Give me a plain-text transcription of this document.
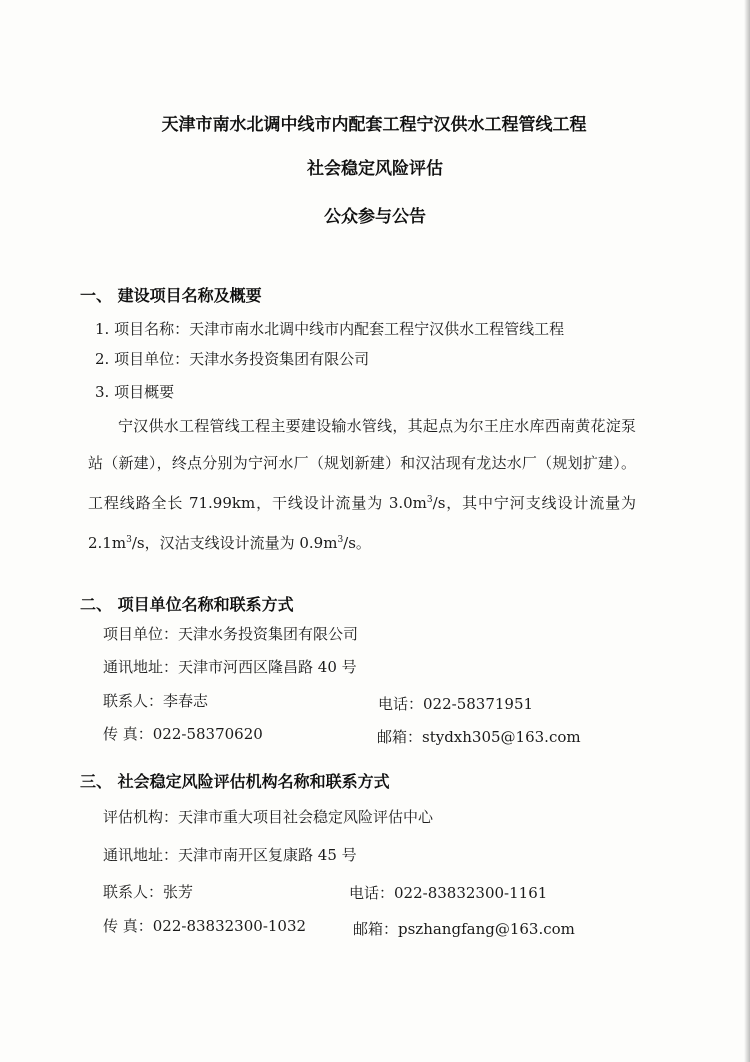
天津市南水北调中线市内配套工程宁汉供水工程管线工程
社会稳定风险评估
公众参与公告
一、 建设项目名称及概要
1. 项目名称：天津市南水北调中线市内配套工程宁汉供水工程管线工程
2. 项目单位：天津水务投资集团有限公司
3. 项目概要
宁汉供水工程管线工程主要建设输水管线，其起点为尔王庄水库西南黄花淀泵站（新建），终点分别为宁河水厂（规划新建）和汉沽现有龙达水厂（规划扩建）。工程线路全长 71.99km，干线设计流量为 $3.0m^3/s$，其中宁河支线设计流量为 $2.1m^3/s$，汉沽支线设计流量为 $0.9m^3/s$。
二、 项目单位名称和联系方式
项目单位：天津水务投资集团有限公司
通讯地址：天津市河西区隆昌路 40 号
联系人：李春志	电话：022-58371951
传 真：022-58370620	邮箱：stydxh305@163.com
三、 社会稳定风险评估机构名称和联系方式
评估机构：天津市重大项目社会稳定风险评估中心
通讯地址：天津市南开区复康路 45 号
联系人：张芳	电话：022-83832300-1161
传 真：022-83832300-1032	邮箱：pszhangfang@163.com
